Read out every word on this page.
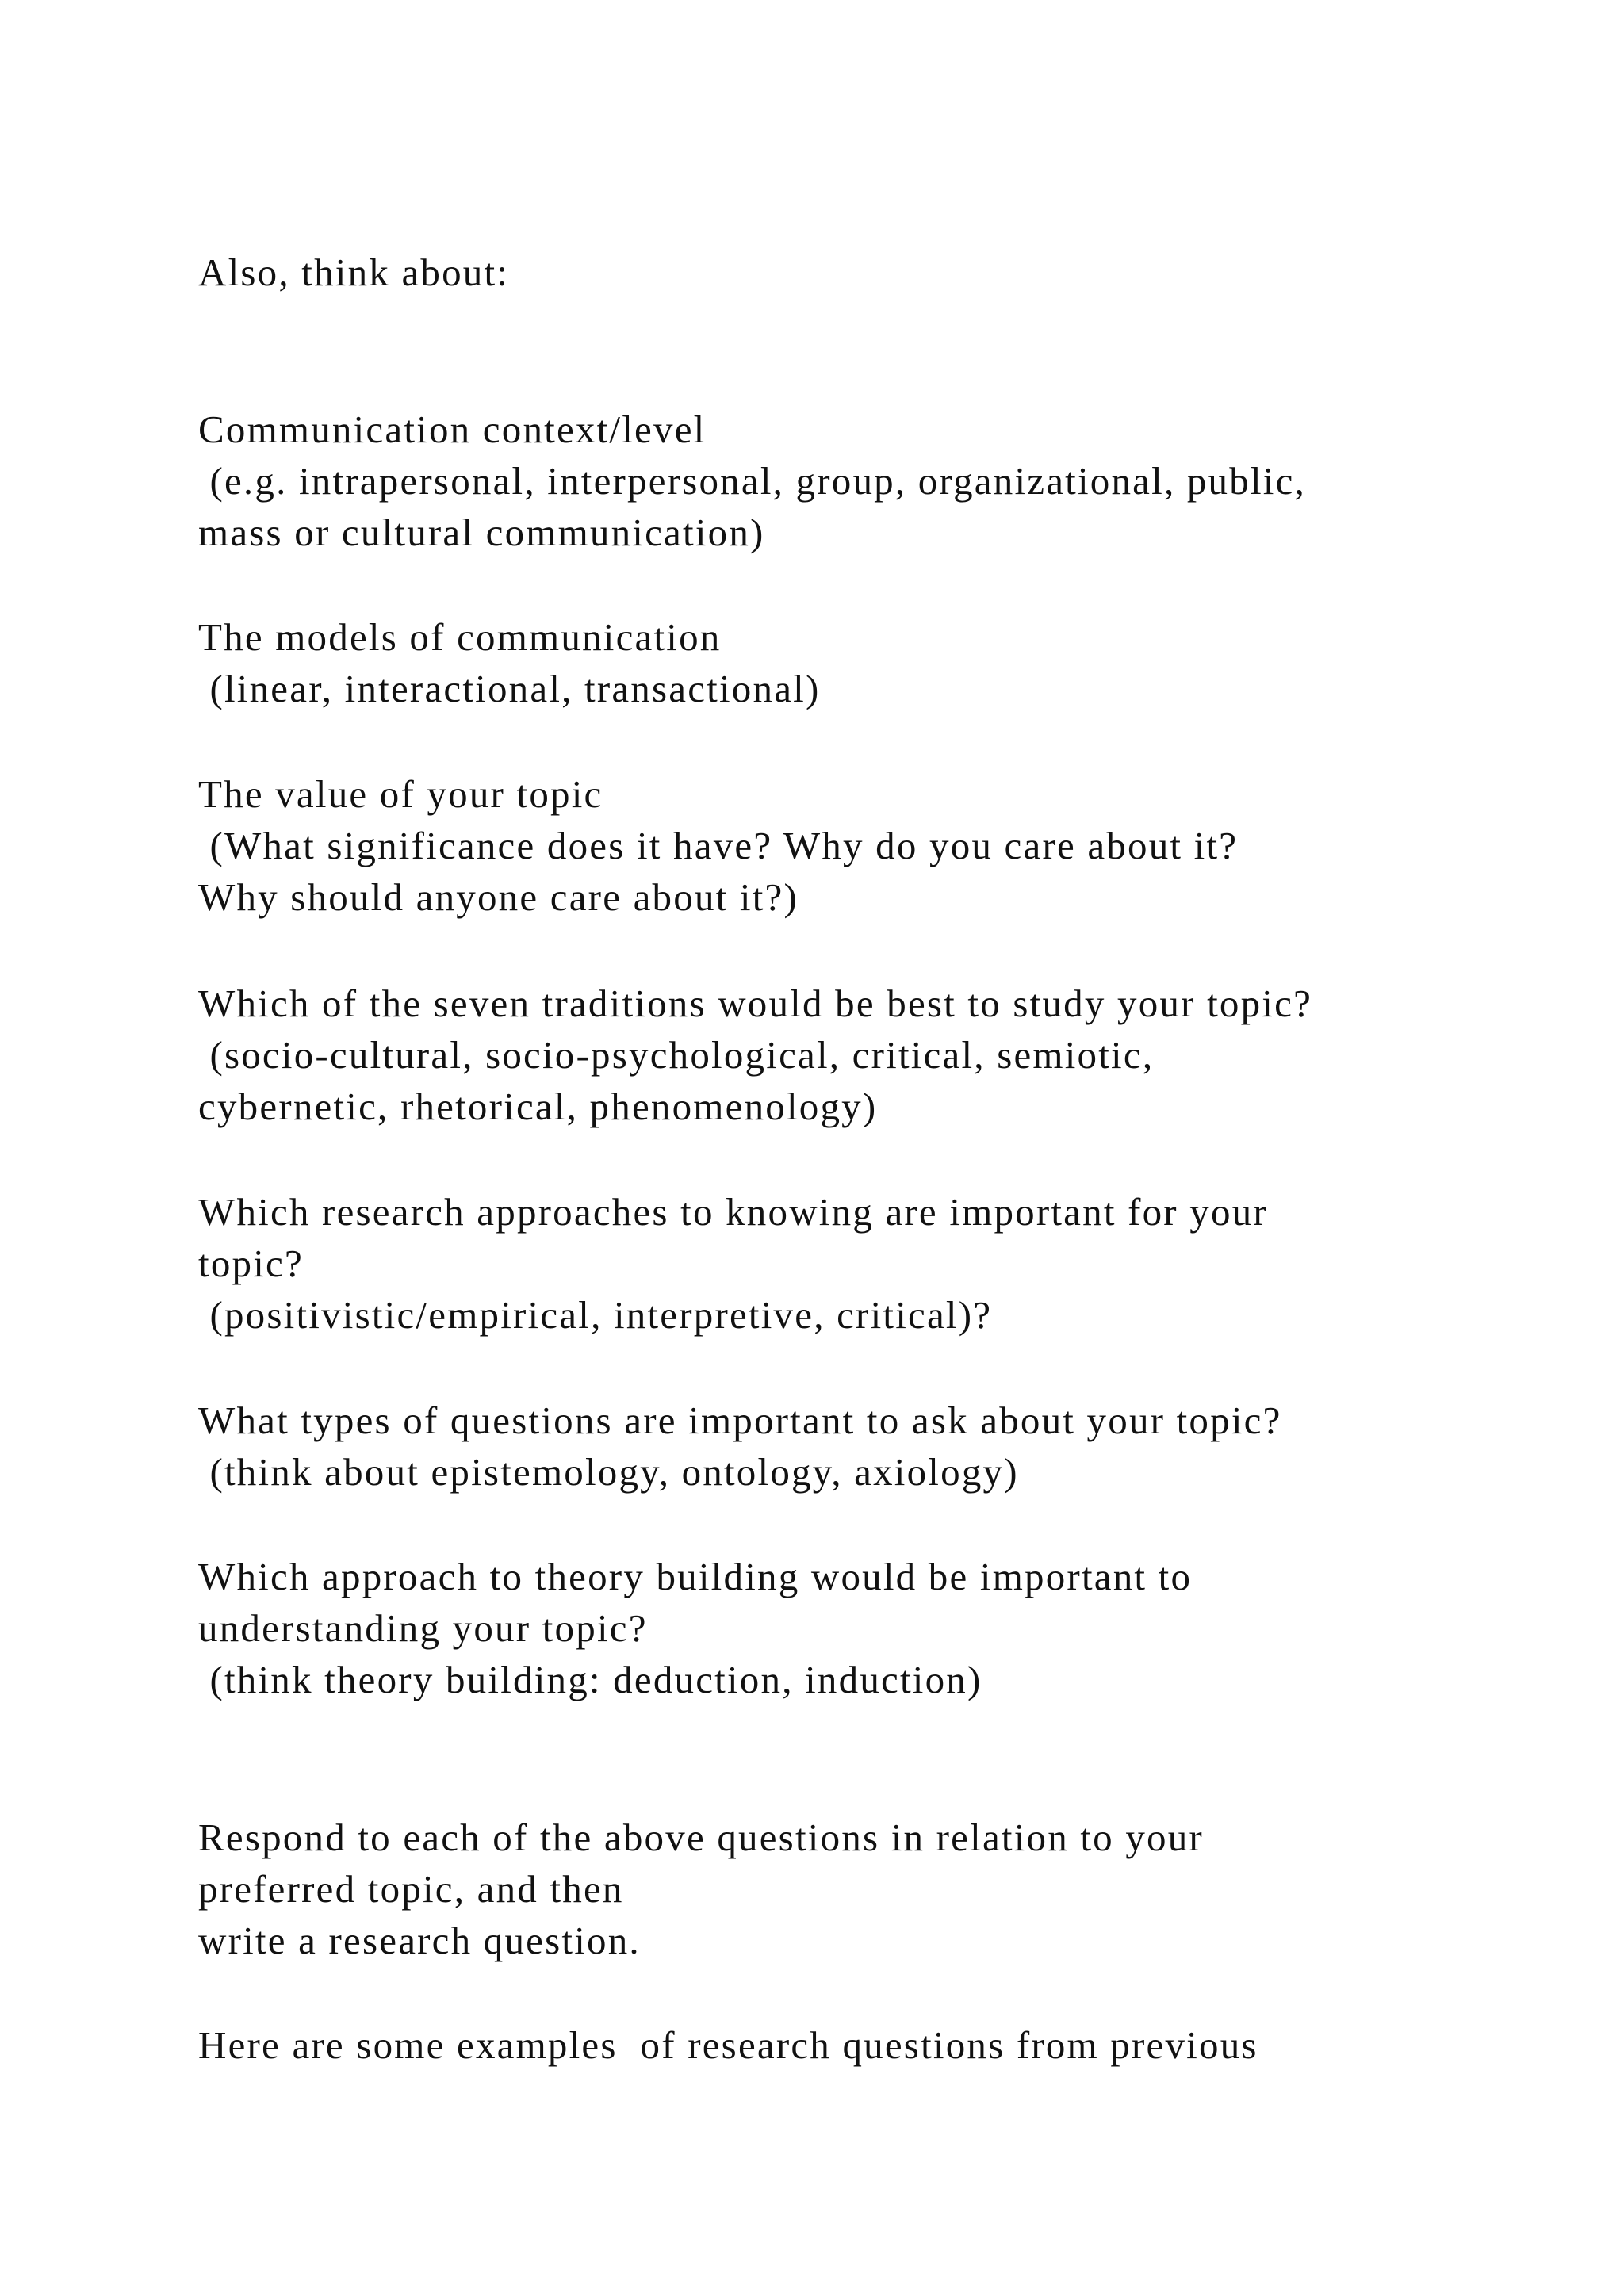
Also, think about:

Communication context/level

(e.g. intrapersonal, interpersonal, group, organizational, public,

mass or cultural communication)

The models of communication

(linear, interactional, transactional)

The value of your topic

(What significance does it have? Why do you care about it?

Why should anyone care about it?)

Which of the seven traditions would be best to study your topic?

(socio-cultural, socio-psychological, critical, semiotic,

cybernetic, rhetorical, phenomenology)

Which research approaches to knowing are important for your

topic?

(positivistic/empirical, interpretive, critical)?

What types of questions are important to ask about your topic?

(think about epistemology, ontology, axiology)

Which approach to theory building would be important to

understanding your topic?

(think theory building: deduction, induction)

Respond to each of the above questions in relation to your

preferred topic, and then

write a research question.

Here are some examples  of research questions from previous
